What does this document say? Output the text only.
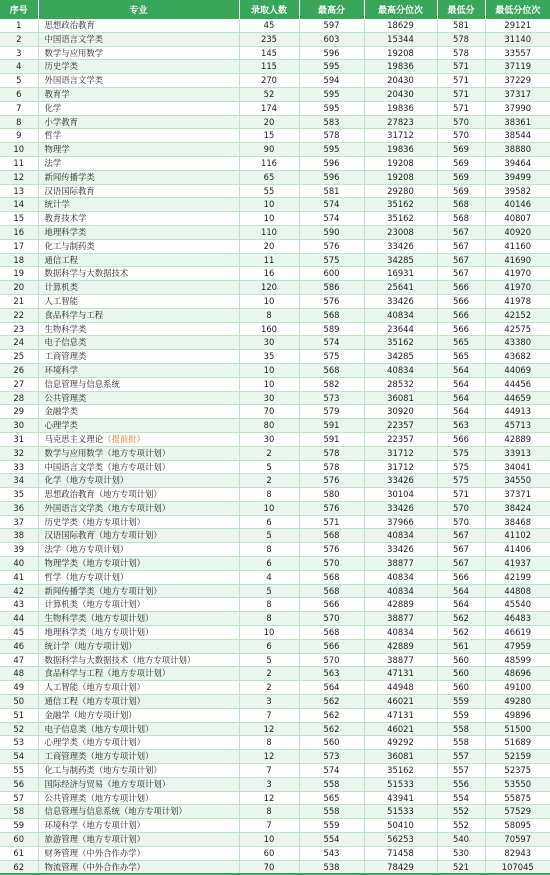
序号	专业	录取人数	最高分	最高分位次	最低分	最低分位次
1	思想政治教育	45	597	18629	581	29121
2	中国语言文学类	235	603	15344	578	31140
3	数学与应用数学	145	596	19208	578	33557
4	历史学类	115	595	19836	571	37119
5	外国语言文学类	270	594	20430	571	37229
6	教育学	52	595	20430	571	37317
7	化学	174	595	19836	571	37990
8	小学教育	20	583	27823	570	38361
9	哲学	15	578	31712	570	38544
10	物理学	90	595	19836	569	38880
11	法学	116	596	19208	569	39464
12	新闻传播学类	65	596	19208	569	39499
13	汉语国际教育	55	581	29280	569	39582
14	统计学	10	574	35162	568	40146
15	教育技术学	10	574	35162	568	40807
16	地理科学类	110	590	23008	567	40920
17	化工与制药类	20	576	33426	567	41160
18	通信工程	11	575	34285	567	41690
19	数据科学与大数据技术	16	600	16931	567	41970
20	计算机类	120	586	25641	566	41970
21	人工智能	10	576	33426	566	41978
22	食品科学与工程	8	568	40834	566	42152
23	生物科学类	160	589	23644	566	42575
24	电子信息类	30	574	35162	565	43380
25	工商管理类	35	575	34285	565	43682
26	环境科学	10	568	40834	564	44069
27	信息管理与信息系统	10	582	28532	564	44456
28	公共管理类	30	573	36081	564	44659
29	金融学类	70	579	30920	564	44913
30	心理学类	80	591	22357	563	45713
31	马克思主义理论（提前批）	30	591	22357	566	42889
32	数学与应用数学（地方专项计划）	2	578	31712	575	33913
33	中国语言文学类（地方专项计划）	5	578	31712	575	34041
34	化学（地方专项计划）	2	576	33426	575	34550
35	思想政治教育（地方专项计划）	8	580	30104	571	37371
36	外国语言文学类（地方专项计划）	10	576	33426	570	38424
37	历史学类（地方专项计划）	6	571	37966	570	38468
38	汉语国际教育（地方专项计划）	5	568	40834	567	41102
39	法学（地方专项计划）	8	576	33426	567	41406
40	物理学类（地方专项计划）	6	570	38877	567	41937
41	哲学（地方专项计划）	4	568	40834	566	42199
42	新闻传播学类（地方专项计划）	5	568	40834	564	44808
43	计算机类（地方专项计划）	8	566	42889	564	45540
44	生物科学类（地方专项计划）	8	570	38877	562	46483
45	地理科学类（地方专项计划）	10	568	40834	562	46619
46	统计学（地方专项计划）	6	566	42889	561	47959
47	数据科学与大数据技术（地方专项计划）	5	570	38877	560	48599
48	食品科学与工程（地方专项计划）	2	563	47131	560	48696
49	人工智能（地方专项计划）	2	564	44948	560	49100
50	通信工程（地方专项计划）	3	562	46021	559	49280
51	金融学（地方专项计划）	7	562	47131	559	49896
52	电子信息类（地方专项计划）	12	562	46021	558	51500
53	心理学类（地方专项计划）	8	560	49292	558	51689
54	工商管理类（地方专项计划）	12	573	36081	557	52159
55	化工与制药类（地方专项计划）	7	574	35162	557	52375
56	国际经济与贸易（地方专项计划）	3	558	51533	556	53550
57	公共管理类（地方专项计划）	12	565	43941	554	55875
58	信息管理与信息系统（地方专项计划）	8	558	51533	552	57529
59	环境科学（地方专项计划）	7	559	50410	552	58095
60	旅游管理（地方专项计划）	10	554	56253	540	70597
61	财务管理（中外合作办学）	60	543	71458	530	82943
62	物流管理（中外合作办学）	70	538	78429	521	107045
